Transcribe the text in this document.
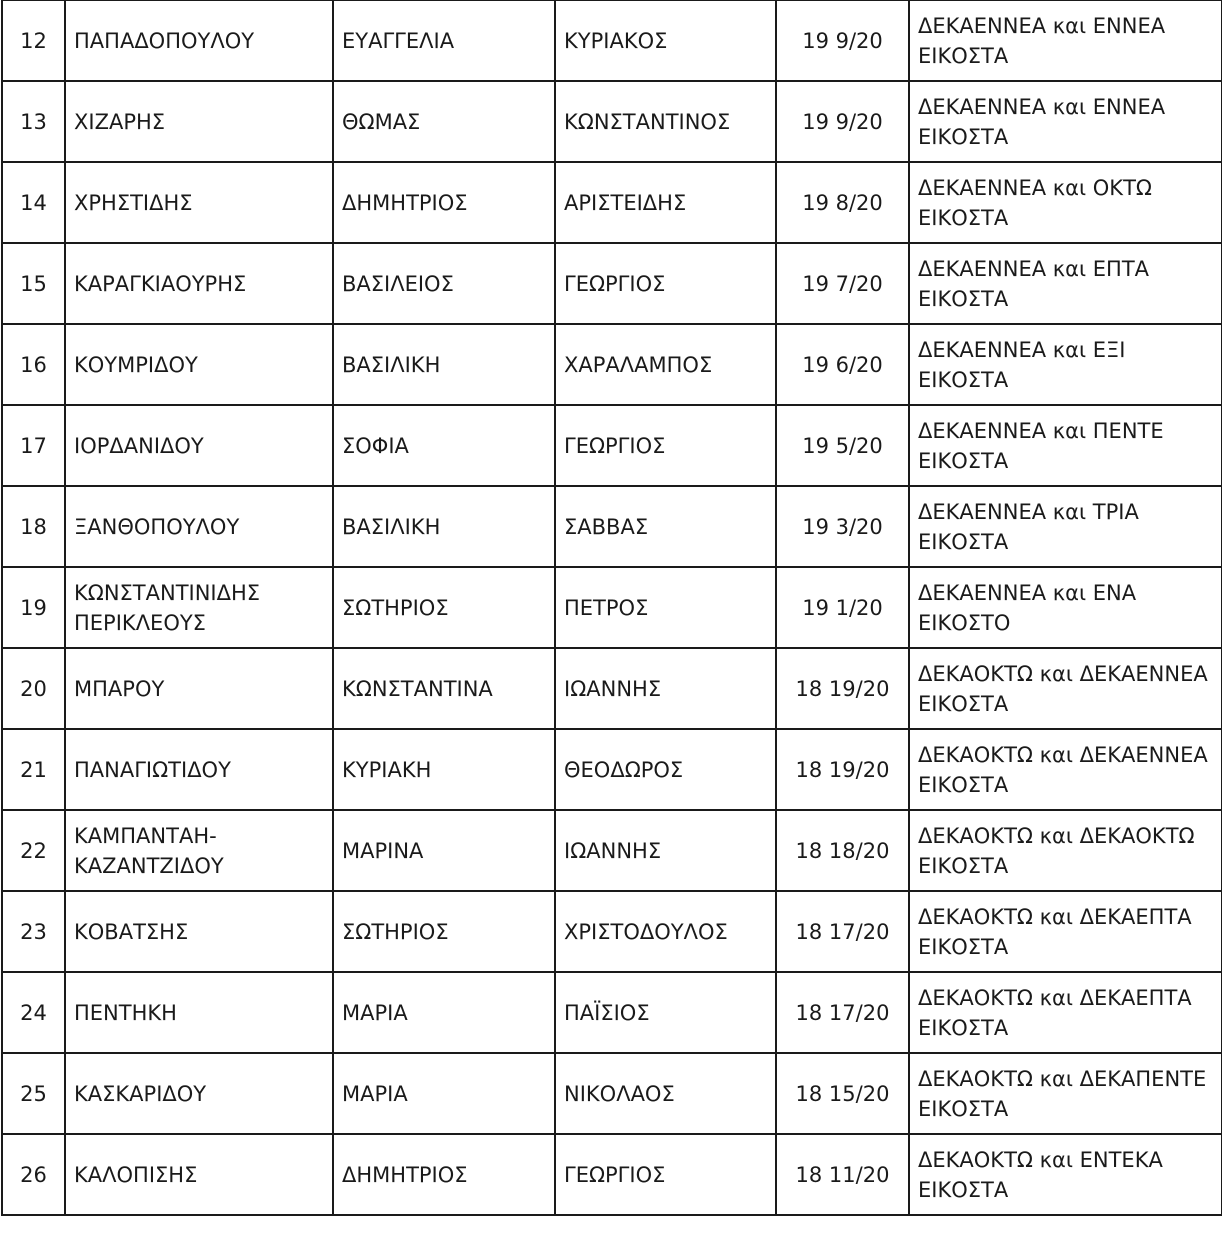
12	ΠΑΠΑΔΟΠΟΥΛΟΥ	ΕΥΑΓΓΕΛΙΑ	ΚΥΡΙΑΚΟΣ	19 9/20	ΔΕΚΑΕΝΝΕΑ και ΕΝΝΕΑ ΕΙΚΟΣΤΑ
13	ΧΙΖΑΡΗΣ	ΘΩΜΑΣ	ΚΩΝΣΤΑΝΤΙΝΟΣ	19 9/20	ΔΕΚΑΕΝΝΕΑ και ΕΝΝΕΑ ΕΙΚΟΣΤΑ
14	ΧΡΗΣΤΙΔΗΣ	ΔΗΜΗΤΡΙΟΣ	ΑΡΙΣΤΕΙΔΗΣ	19 8/20	ΔΕΚΑΕΝΝΕΑ και ΟΚΤΩ ΕΙΚΟΣΤΑ
15	ΚΑΡΑΓΚΙΑΟΥΡΗΣ	ΒΑΣΙΛΕΙΟΣ	ΓΕΩΡΓΙΟΣ	19 7/20	ΔΕΚΑΕΝΝΕΑ και ΕΠΤΑ ΕΙΚΟΣΤΑ
16	ΚΟΥΜΡΙΔΟΥ	ΒΑΣΙΛΙΚΗ	ΧΑΡΑΛΑΜΠΟΣ	19 6/20	ΔΕΚΑΕΝΝΕΑ και ΕΞΙ ΕΙΚΟΣΤΑ
17	ΙΟΡΔΑΝΙΔΟΥ	ΣΟΦΙΑ	ΓΕΩΡΓΙΟΣ	19 5/20	ΔΕΚΑΕΝΝΕΑ και ΠΕΝΤΕ ΕΙΚΟΣΤΑ
18	ΞΑΝΘΟΠΟΥΛΟΥ	ΒΑΣΙΛΙΚΗ	ΣΑΒΒΑΣ	19 3/20	ΔΕΚΑΕΝΝΕΑ και ΤΡΙΑ ΕΙΚΟΣΤΑ
19	ΚΩΝΣΤΑΝΤΙΝΙΔΗΣ ΠΕΡΙΚΛΕΟΥΣ	ΣΩΤΗΡΙΟΣ	ΠΕΤΡΟΣ	19 1/20	ΔΕΚΑΕΝΝΕΑ και ΕΝΑ ΕΙΚΟΣΤΟ
20	ΜΠΑΡΟΥ	ΚΩΝΣΤΑΝΤΙΝΑ	ΙΩΑΝΝΗΣ	18 19/20	ΔΕΚΑΟΚΤΩ και ΔΕΚΑΕΝΝΕΑ ΕΙΚΟΣΤΑ
21	ΠΑΝΑΓΙΩΤΙΔΟΥ	ΚΥΡΙΑΚΗ	ΘΕΟΔΩΡΟΣ	18 19/20	ΔΕΚΑΟΚΤΩ και ΔΕΚΑΕΝΝΕΑ ΕΙΚΟΣΤΑ
22	ΚΑΜΠΑΝΤΑΗ-ΚΑΖΑΝΤΖΙΔΟΥ	ΜΑΡΙΝΑ	ΙΩΑΝΝΗΣ	18 18/20	ΔΕΚΑΟΚΤΩ και ΔΕΚΑΟΚΤΩ ΕΙΚΟΣΤΑ
23	ΚΟΒΑΤΣΗΣ	ΣΩΤΗΡΙΟΣ	ΧΡΙΣΤΟΔΟΥΛΟΣ	18 17/20	ΔΕΚΑΟΚΤΩ και ΔΕΚΑΕΠΤΑ ΕΙΚΟΣΤΑ
24	ΠΕΝΤΗΚΗ	ΜΑΡΙΑ	ΠΑΪΣΙΟΣ	18 17/20	ΔΕΚΑΟΚΤΩ και ΔΕΚΑΕΠΤΑ ΕΙΚΟΣΤΑ
25	ΚΑΣΚΑΡΙΔΟΥ	ΜΑΡΙΑ	ΝΙΚΟΛΑΟΣ	18 15/20	ΔΕΚΑΟΚΤΩ και ΔΕΚΑΠΕΝΤΕ ΕΙΚΟΣΤΑ
26	ΚΑΛΟΠΙΣΗΣ	ΔΗΜΗΤΡΙΟΣ	ΓΕΩΡΓΙΟΣ	18 11/20	ΔΕΚΑΟΚΤΩ και ΕΝΤΕΚΑ ΕΙΚΟΣΤΑ
